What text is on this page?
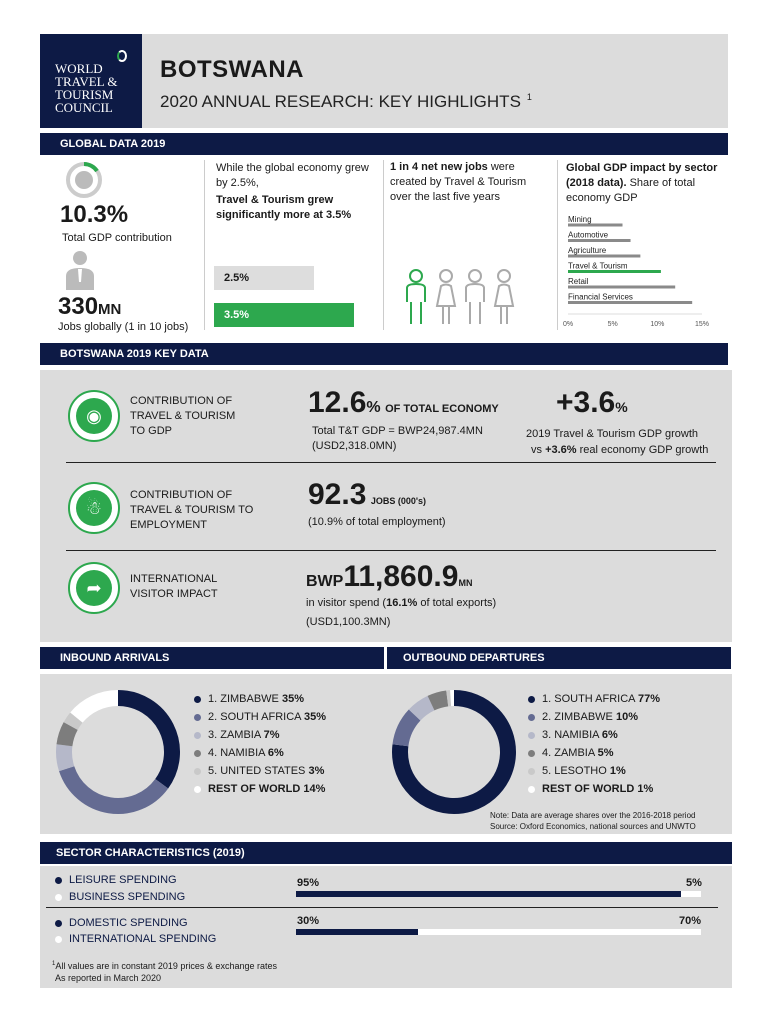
WORLD
TRAVEL &
TOURISM
COUNCIL
BOTSWANA
2020 ANNUAL RESEARCH: KEY HIGHLIGHTS $^1$
GLOBAL DATA 2019
10.3%
Total GDP contribution
330MN
Jobs globally (1 in 10 jobs)
While the global economy grew by 2.5%,
Travel & Tourism grew significantly more at 3.5%
2.5%
3.5%
1 in 4 net new jobs were created by Travel & Tourism over the last five years
Global GDP impact by sector (2018 data). Share of total economy GDP
Mining
Automotive
Agriculture
Travel & Tourism
Retail
Financial Services
0%	5%	10%	15%
BOTSWANA 2019 KEY DATA
◉
CONTRIBUTION OF TRAVEL & TOURISM TO GDP
12.6% OF TOTAL ECONOMY
Total T&T GDP = BWP24,987.4MN
(USD2,318.0MN)
+3.6%
2019 Travel & Tourism GDP growth
vs +3.6% real economy GDP growth
☃
CONTRIBUTION OF TRAVEL & TOURISM TO EMPLOYMENT
92.3 JOBS (000's)
(10.9% of total employment)
➦	INTERNATIONAL VISITOR IMPACT
BWP11,860.9MN
in visitor spend (16.1% of total exports)
(USD1,100.3MN)
INBOUND ARRIVALS	OUTBOUND DEPARTURES
1. ZIMBABWE 35%
2. SOUTH AFRICA 35%
3. ZAMBIA 7%
4. NAMIBIA 6%
5. UNITED STATES 3%
REST OF WORLD 14%
1. SOUTH AFRICA 77%
2. ZIMBABWE 10%
3. NAMIBIA 6%
4. ZAMBIA 5%
5. LESOTHO 1%
REST OF WORLD 1%
Note: Data are average shares over the 2016-2018 period
Source: Oxford Economics, national sources and UNWTO
SECTOR CHARACTERISTICS (2019)
LEISURE SPENDING
BUSINESS SPENDING
95%	5%
DOMESTIC SPENDING
INTERNATIONAL SPENDING
30%	70%
$^1$All values are in constant 2019 prices & exchange rates
As reported in March 2020
